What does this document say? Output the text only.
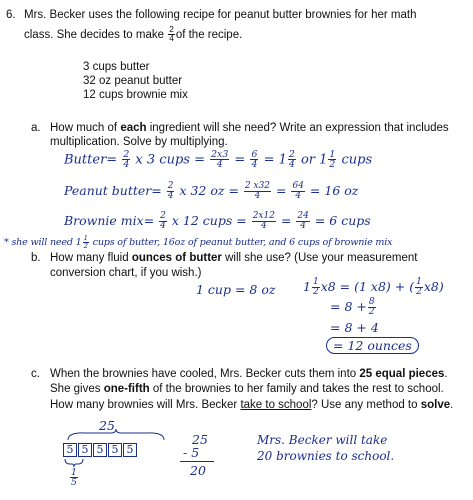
6. Mrs. Becker uses the following recipe for peanut butter brownies for her math
class. She decides to make $\frac{2}{4}$ of the recipe.
3 cups butter
32 oz peanut butter
12 cups brownie mix
a. How much of each ingredient will she need? Write an expression that includes
multiplication. Solve by multiplying.
Butter= $\frac{2}{4}$ x 3 cups = $\frac{2x3}{4} = \frac{6}{4} = 1 \frac{2}{4}$ or $1 \frac{1}{2}$ cups
Peanut butter= $\frac{2}{4}$ x 32 oz = $\frac{2 x32}{4} = \frac{64}{4} = 16$ oz
Brownie $mix= \frac{2}{4}$ x 12 cups = $\frac{2x12}{4} = \frac{24}{4} = 6$ cups
* she will need $1 \frac{1}{2}$ cups of butter, 16oz of peanut butter, and 6 cups of brownie mix
b. How many fluid ounces of butter will she use? (Use your measurement
conversion chart, if you wish.)
1 cup = 8 oz $1 \frac{1}{2} x8 = (1$ x8) + ( $\frac{1}{2} x8$)
= $8 + \frac{8}{2}$
= 8 + 4
= 12 ounces
c. When the brownies have cooled, Mrs. Becker cuts them into 25 equal pieces.
She gives one-fifth of the brownies to her family and takes the rest to school.
How many brownies will Mrs. Becker take to school? Use any method to solve.
25
5 5 5 5 5
$\frac{1}{5}$
25
- 5
20
Mrs. Becker will take
20 brownies to school.
